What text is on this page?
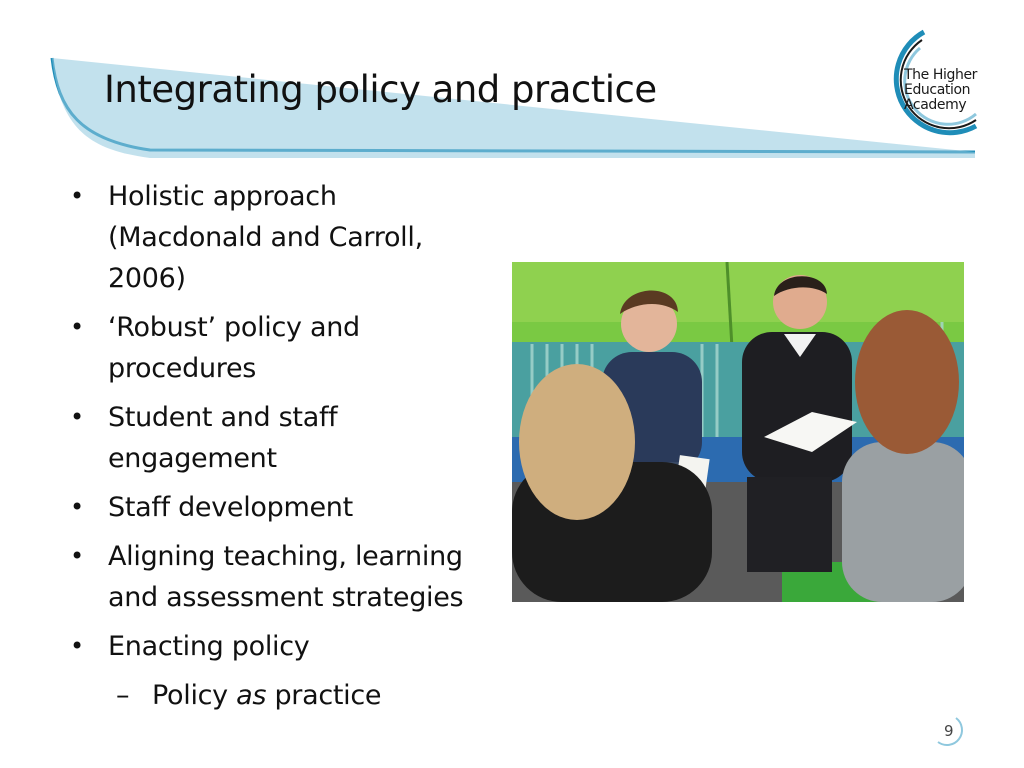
Integrating policy and practice	The Higher
Education
Academy
• Holistic approach (Macdonald and Carroll, 2006)
• ‘Robust’ policy and procedures
• Student and staff engagement
• Staff development
• Aligning teaching, learning and assessment strategies
• Enacting policy
– Policy as practice
9
